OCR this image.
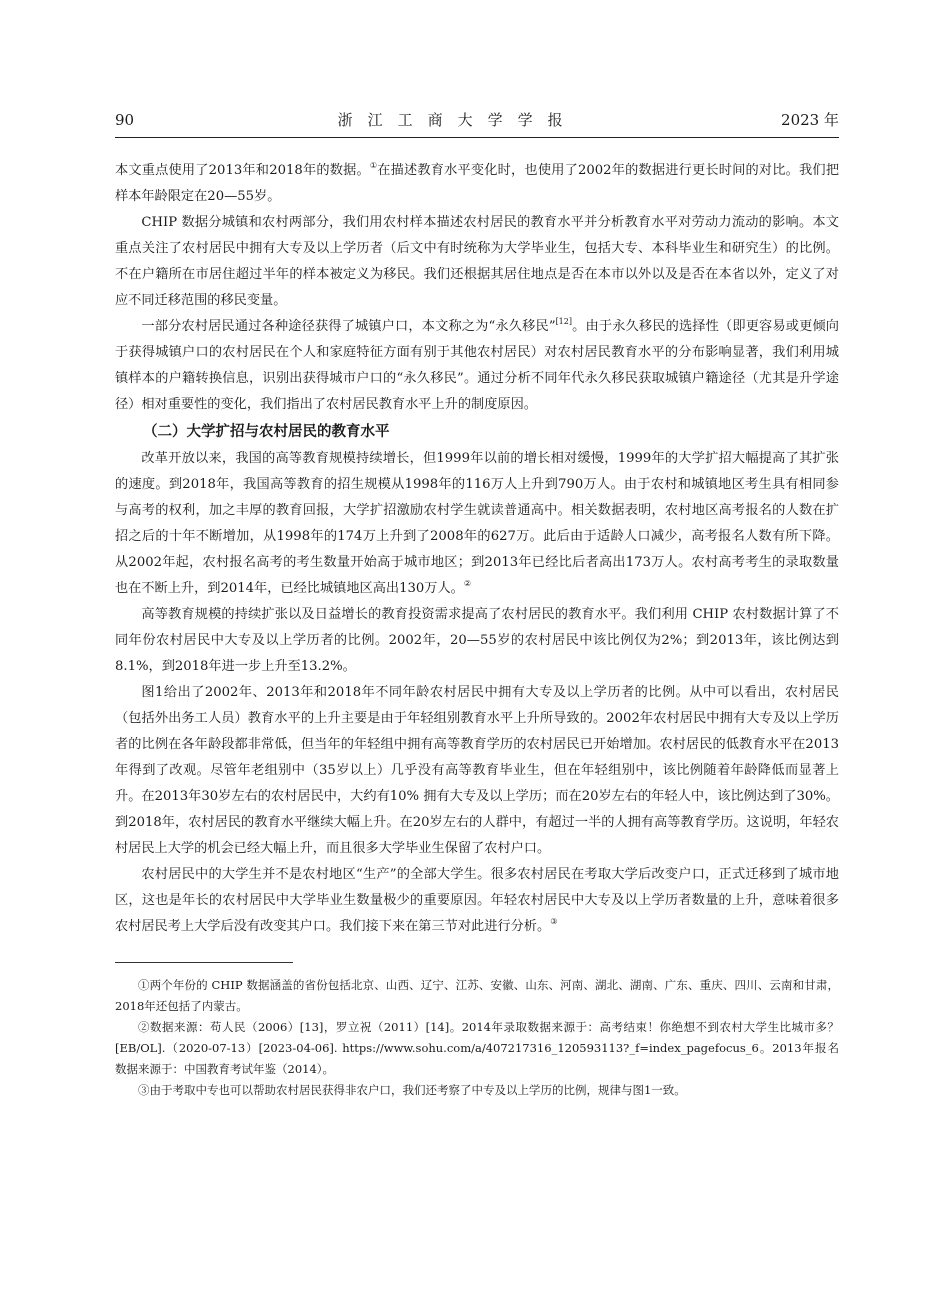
90	浙江工商大学学报	2023 年

本文重点使用了2013年和2018年的数据。①在描述教育水平变化时，也使用了2002年的数据进行更长时间的对比。我们把样本年龄限定在20—55岁。

CHIP 数据分城镇和农村两部分，我们用农村样本描述农村居民的教育水平并分析教育水平对劳动力流动的影响。本文重点关注了农村居民中拥有大专及以上学历者（后文中有时统称为大学毕业生，包括大专、本科毕业生和研究生）的比例。不在户籍所在市居住超过半年的样本被定义为移民。我们还根据其居住地点是否在本市以外以及是否在本省以外，定义了对应不同迁移范围的移民变量。

一部分农村居民通过各种途径获得了城镇户口，本文称之为“永久移民”[12]。由于永久移民的选择性（即更容易或更倾向于获得城镇户口的农村居民在个人和家庭特征方面有别于其他农村居民）对农村居民教育水平的分布影响显著，我们利用城镇样本的户籍转换信息，识别出获得城市户口的“永久移民”。通过分析不同年代永久移民获取城镇户籍途径（尤其是升学途径）相对重要性的变化，我们指出了农村居民教育水平上升的制度原因。

（二）大学扩招与农村居民的教育水平

改革开放以来，我国的高等教育规模持续增长，但1999年以前的增长相对缓慢，1999年的大学扩招大幅提高了其扩张的速度。到2018年，我国高等教育的招生规模从1998年的116万人上升到790万人。由于农村和城镇地区考生具有相同参与高考的权利，加之丰厚的教育回报，大学扩招激励农村学生就读普通高中。相关数据表明，农村地区高考报名的人数在扩招之后的十年不断增加，从1998年的174万上升到了2008年的627万。此后由于适龄人口减少，高考报名人数有所下降。从2002年起，农村报名高考的考生数量开始高于城市地区；到2013年已经比后者高出173万人。农村高考考生的录取数量也在不断上升，到2014年，已经比城镇地区高出130万人。②

高等教育规模的持续扩张以及日益增长的教育投资需求提高了农村居民的教育水平。我们利用 CHIP 农村数据计算了不同年份农村居民中大专及以上学历者的比例。2002年，20—55岁的农村居民中该比例仅为2%；到2013年，该比例达到8.1%，到2018年进一步上升至13.2%。

图1给出了2002年、2013年和2018年不同年龄农村居民中拥有大专及以上学历者的比例。从中可以看出，农村居民（包括外出务工人员）教育水平的上升主要是由于年轻组别教育水平上升所导致的。2002年农村居民中拥有大专及以上学历者的比例在各年龄段都非常低，但当年的年轻组中拥有高等教育学历的农村居民已开始增加。农村居民的低教育水平在2013年得到了改观。尽管年老组别中（35岁以上）几乎没有高等教育毕业生，但在年轻组别中，该比例随着年龄降低而显著上升。在2013年30岁左右的农村居民中，大约有10% 拥有大专及以上学历；而在20岁左右的年轻人中，该比例达到了30%。到2018年，农村居民的教育水平继续大幅上升。在20岁左右的人群中，有超过一半的人拥有高等教育学历。这说明，年轻农村居民上大学的机会已经大幅上升，而且很多大学毕业生保留了农村户口。

农村居民中的大学生并不是农村地区“生产”的全部大学生。很多农村居民在考取大学后改变户口，正式迁移到了城市地区，这也是年长的农村居民中大学毕业生数量极少的重要原因。年轻农村居民中大专及以上学历者数量的上升，意味着很多农村居民考上大学后没有改变其户口。我们接下来在第三节对此进行分析。③

①两个年份的 CHIP 数据涵盖的省份包括北京、山西、辽宁、江苏、安徽、山东、河南、湖北、湖南、广东、重庆、四川、云南和甘肃，2018年还包括了内蒙古。

②数据来源：苟人民（2006）[13]，罗立祝（2011）[14]。2014年录取数据来源于：高考结束！你绝想不到农村大学生比城市多？[EB/OL].（2020-07-13）[2023-04-06]. https://www.sohu.com/a/407217316_120593113?_f=index_pagefocus_6。2013年报名数据来源于：中国教育考试年鉴（2014）。

③由于考取中专也可以帮助农村居民获得非农户口，我们还考察了中专及以上学历的比例，规律与图1一致。
